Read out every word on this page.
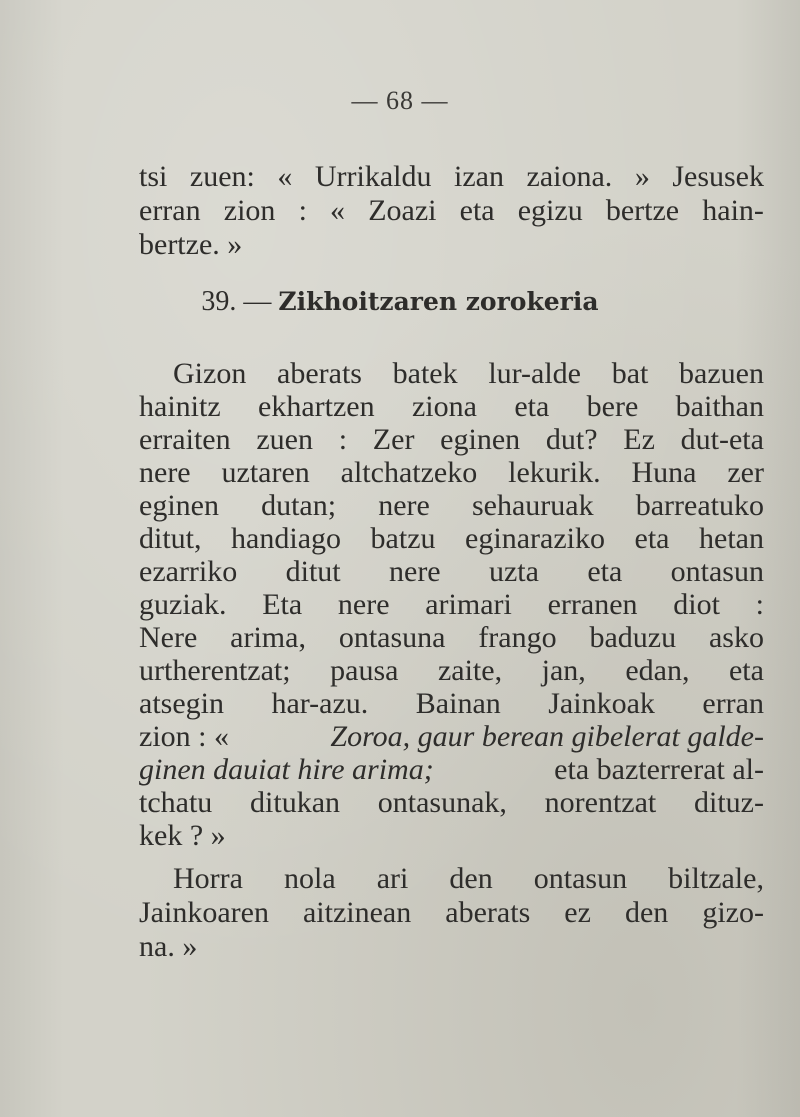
— 68 —
tsi zuen: « Urrikaldu izan zaiona. » Jesusek
erran zion : « Zoazi eta egizu bertze hain-
bertze. »
39. — Zikhoitzaren zorokeria
Gizon aberats batek lur-alde bat bazuen
hainitz ekhartzen ziona eta bere baithan
erraiten zuen : Zer eginen dut? Ez dut-eta
nere uztaren altchatzeko lekurik. Huna zer
eginen dutan; nere sehauruak barreatuko
ditut, handiago batzu eginaraziko eta hetan
ezarriko ditut nere uzta eta ontasun
guziak. Eta nere arimari erranen diot :
Nere arima, ontasuna frango baduzu asko
urtherentzat; pausa zaite, jan, edan, eta
atsegin har-azu. Bainan Jainkoak erran
zion : «	Zoroa, gaur berean gibelerat galde-
ginen dauiat hire arima;	eta bazterrerat al-
tchatu ditukan ontasunak, norentzat dituz-
kek ? »
Horra nola ari den ontasun biltzale,
Jainkoaren aitzinean aberats ez den gizo-
na. »
